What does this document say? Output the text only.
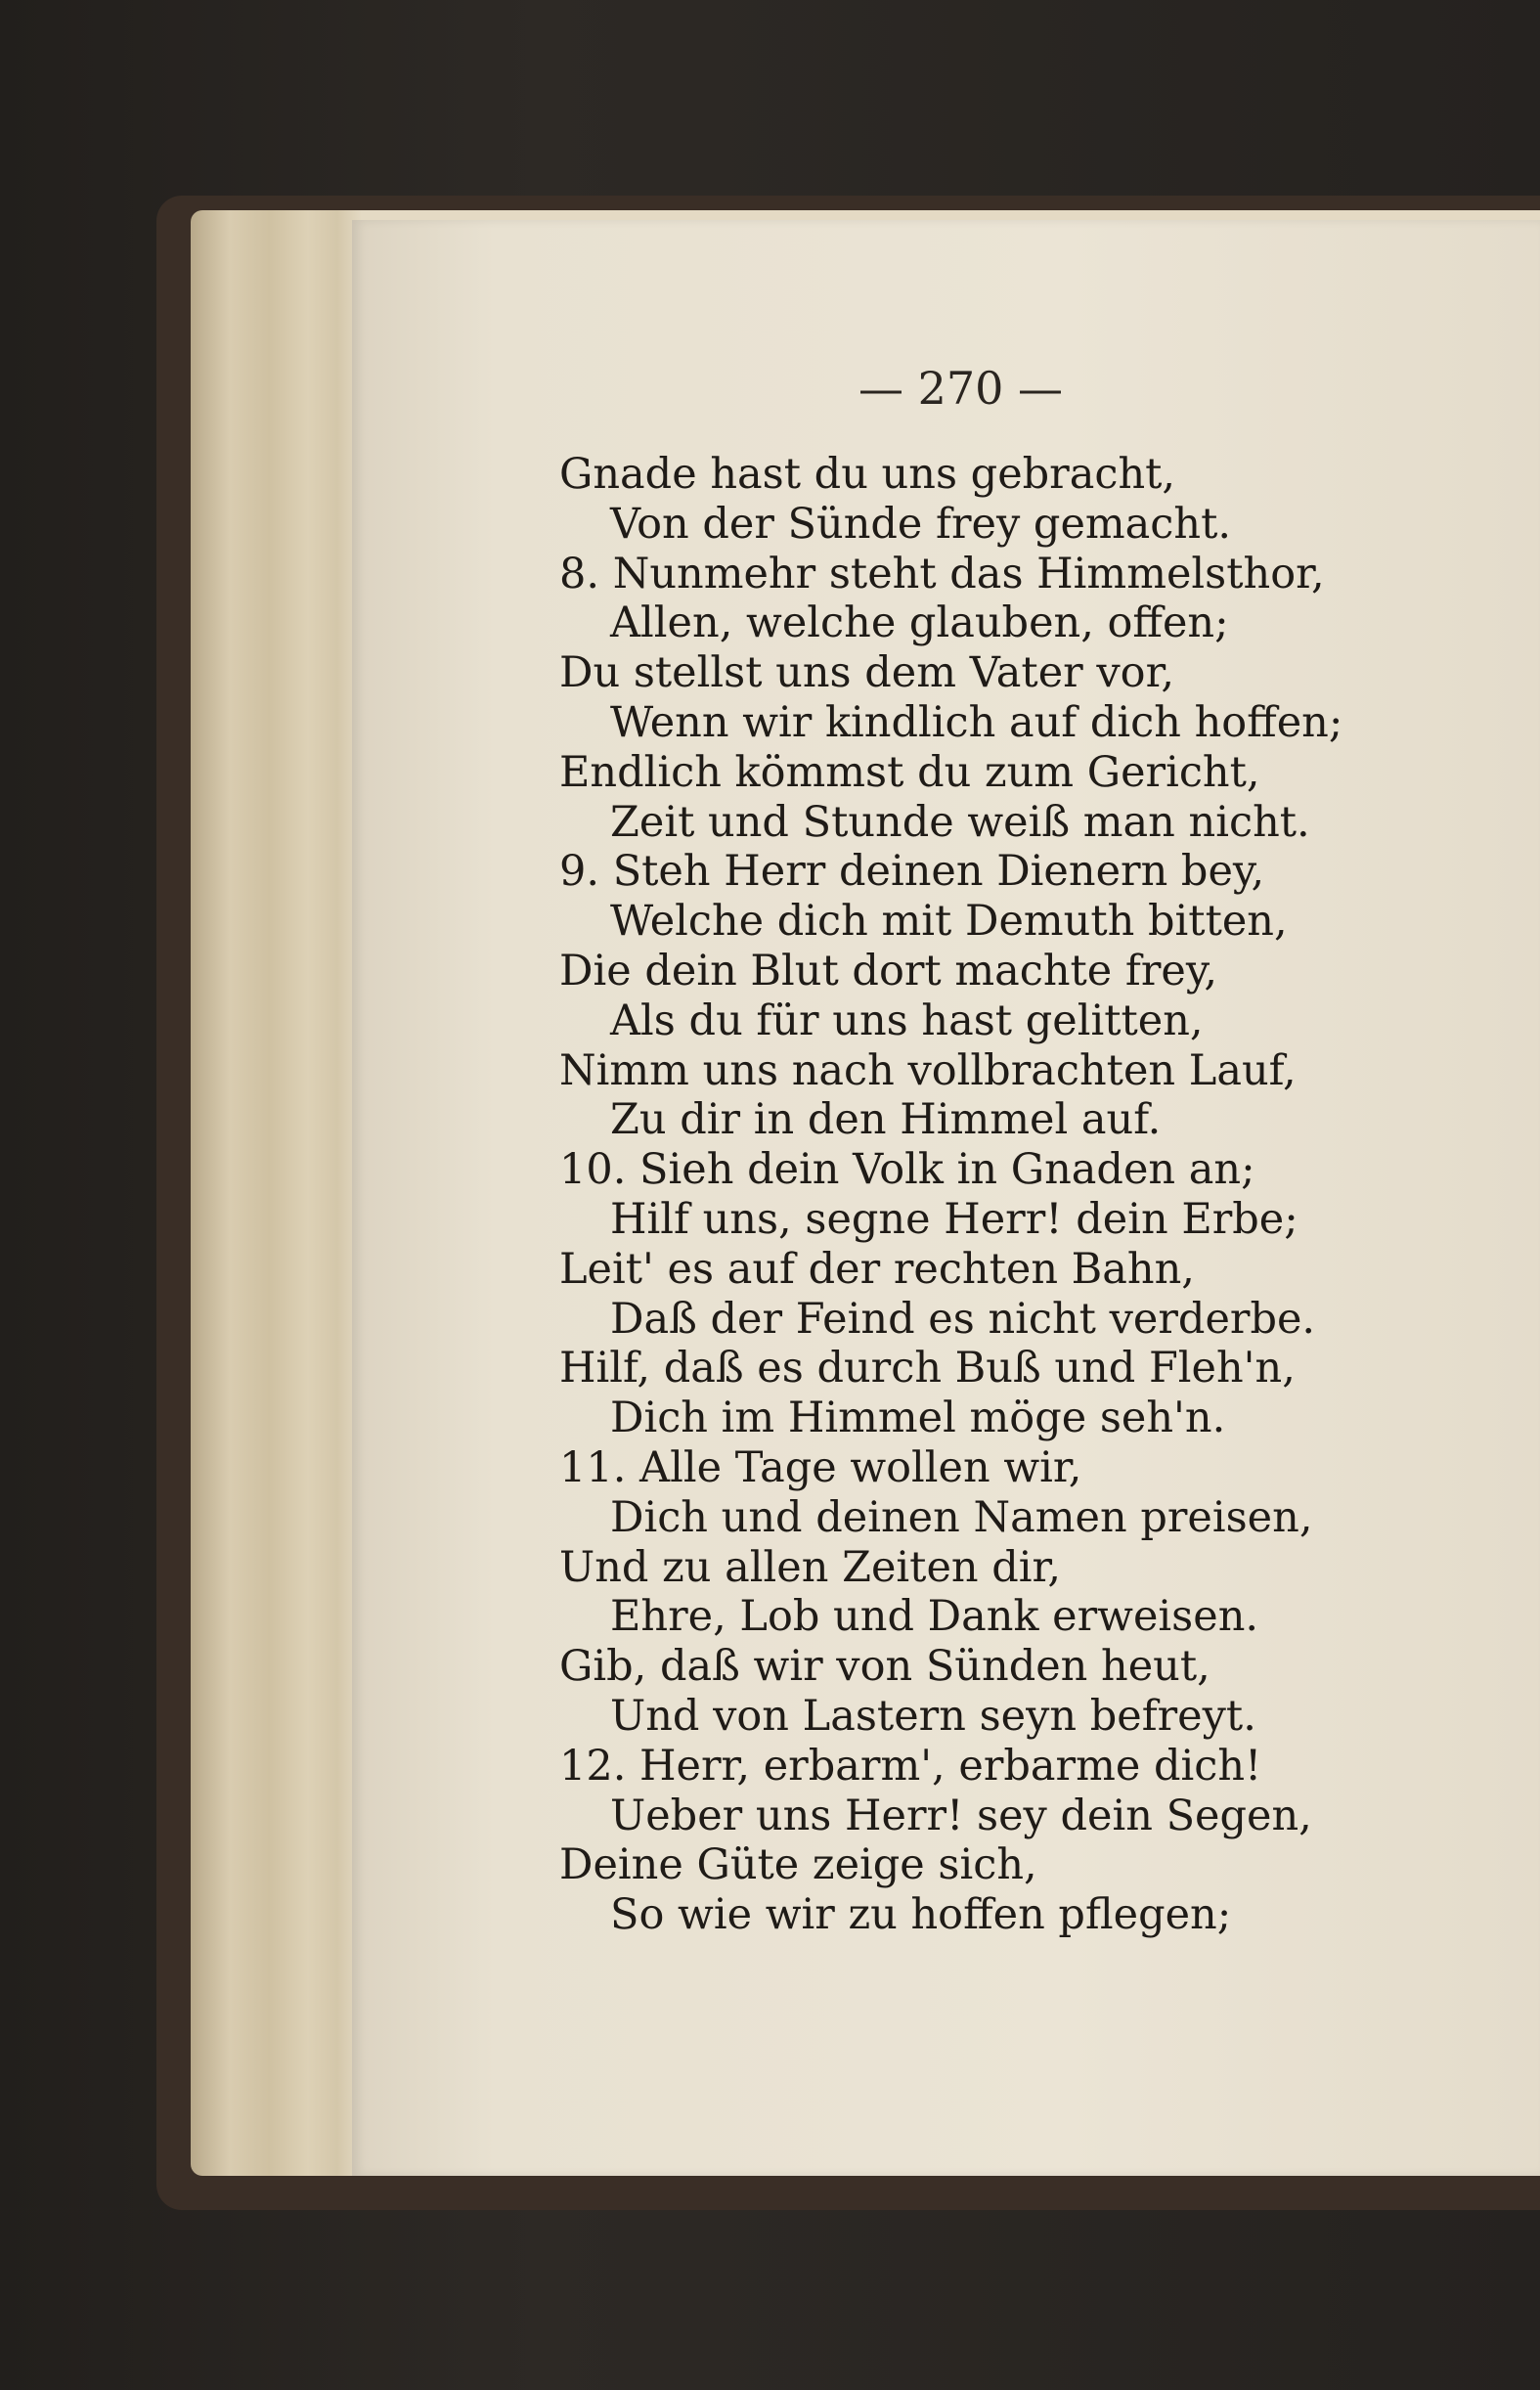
— 270 —
Gnade hast du uns gebracht,
Von der Sünde frey gemacht.
8. Nunmehr steht das Himmelsthor,
Allen, welche glauben, offen;
Du stellst uns dem Vater vor,
Wenn wir kindlich auf dich hoffen;
Endlich kömmst du zum Gericht,
Zeit und Stunde weiß man nicht.
9. Steh Herr deinen Dienern bey,
Welche dich mit Demuth bitten,
Die dein Blut dort machte frey,
Als du für uns hast gelitten,
Nimm uns nach vollbrachten Lauf,
Zu dir in den Himmel auf.
10. Sieh dein Volk in Gnaden an;
Hilf uns, segne Herr! dein Erbe;
Leit' es auf der rechten Bahn,
Daß der Feind es nicht verderbe.
Hilf, daß es durch Buß und Fleh'n,
Dich im Himmel möge seh'n.
11. Alle Tage wollen wir,
Dich und deinen Namen preisen,
Und zu allen Zeiten dir,
Ehre, Lob und Dank erweisen.
Gib, daß wir von Sünden heut,
Und von Lastern seyn befreyt.
12. Herr, erbarm', erbarme dich!
Ueber uns Herr! sey dein Segen,
Deine Güte zeige sich,
So wie wir zu hoffen pflegen;
